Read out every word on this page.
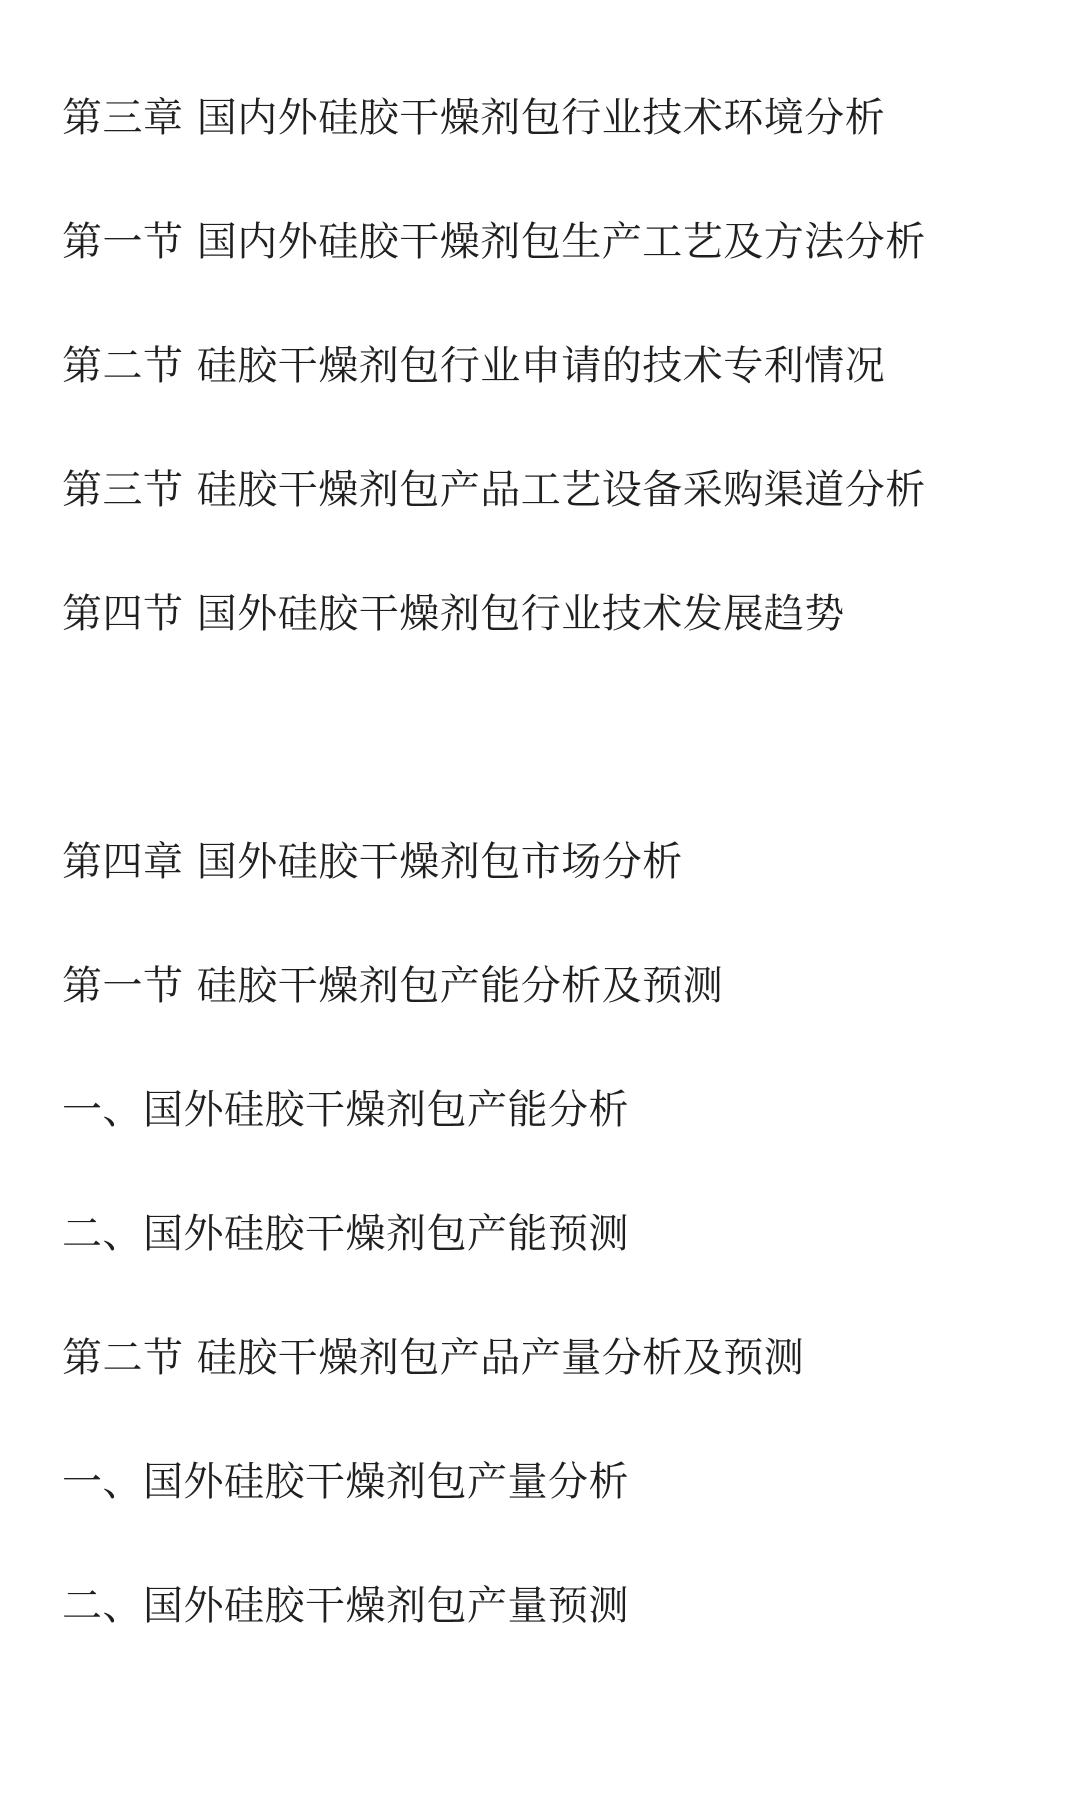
第三章 国内外硅胶干燥剂包行业技术环境分析
第一节 国内外硅胶干燥剂包生产工艺及方法分析
第二节 硅胶干燥剂包行业申请的技术专利情况
第三节 硅胶干燥剂包产品工艺设备采购渠道分析
第四节 国外硅胶干燥剂包行业技术发展趋势
第四章 国外硅胶干燥剂包市场分析
第一节 硅胶干燥剂包产能分析及预测
一、国外硅胶干燥剂包产能分析
二、国外硅胶干燥剂包产能预测
第二节 硅胶干燥剂包产品产量分析及预测
一、国外硅胶干燥剂包产量分析
二、国外硅胶干燥剂包产量预测
